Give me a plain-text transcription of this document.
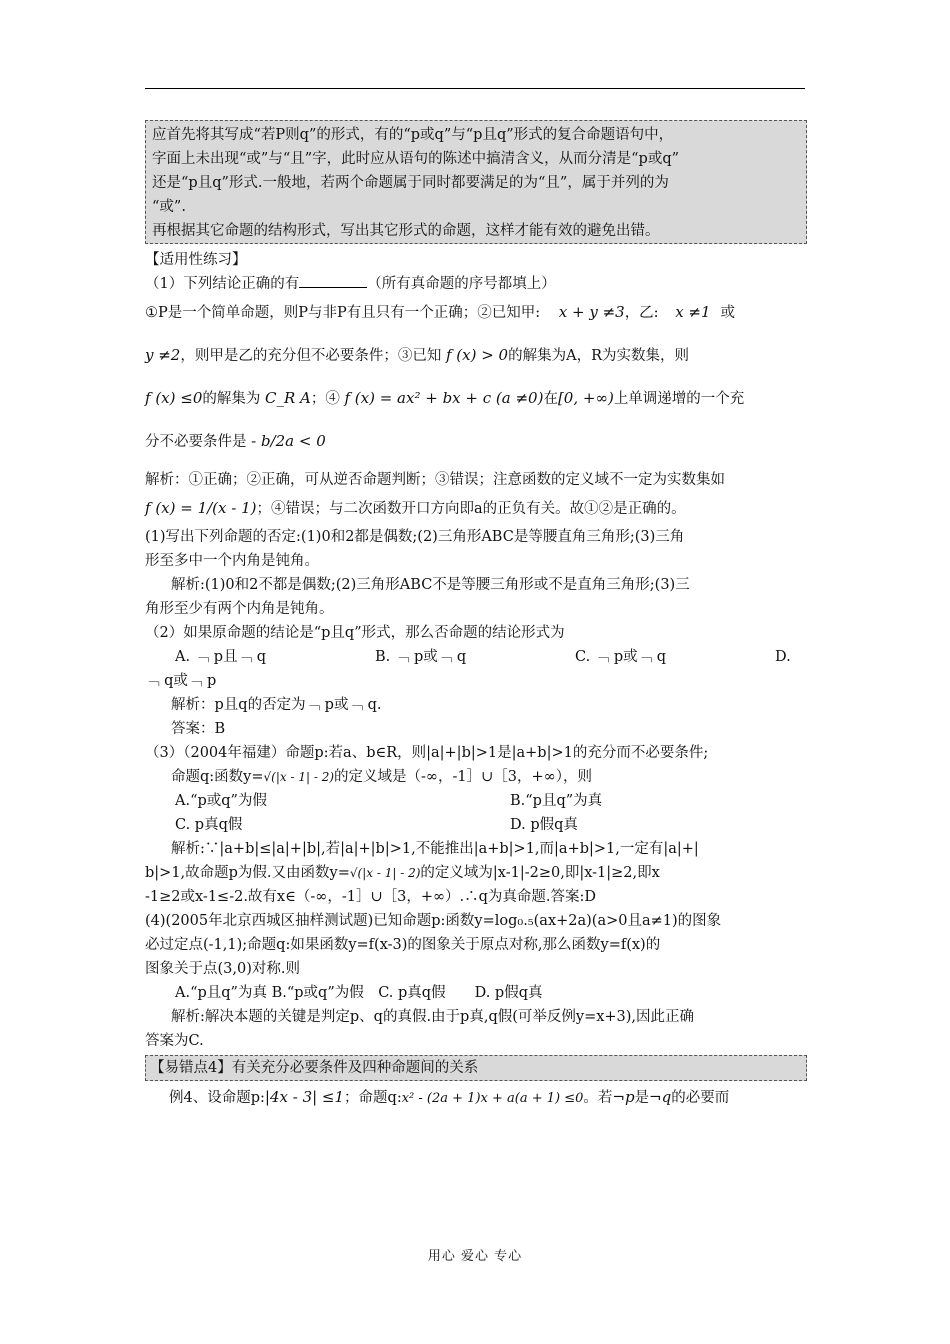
应首先将其写成“若P则q”的形式，有的“p或q”与“p且q”形式的复合命题语句中，

字面上未出现“或”与“且”字，此时应从语句的陈述中搞清含义，从而分清是“p或q”

还是“p且q”形式.一般地，若两个命题属于同时都要满足的为“且”，属于并列的为

“或”.

再根据其它命题的结构形式，写出其它形式的命题，这样才能有效的避免出错。

【适用性练习】

（1）下列结论正确的有	（所有真命题的序号都填上）

①P是一个简单命题，则P与非P有且只有一个正确；②已知甲: x + y ≠3，乙: x ≠1 或

y ≠2，则甲是乙的充分但不必要条件；③已知 f (x) > 0的解集为A，R为实数集，则

f (x) ≤0的解集为 C_R A；④ f (x) = ax² + bx + c (a ≠0)在[0, +∞)上单调递增的一个充

分不必要条件是 - b/2a < 0

解析：①正确；②正确，可从逆否命题判断；③错误；注意函数的定义域不一定为实数集如

f (x) = 1/(x - 1)；④错误；与二次函数开口方向即a的正负有关。故①②是正确的。

(1)写出下列命题的否定:(1)0和2都是偶数;(2)三角形ABC是等腰直角三角形;(3)三角

形至多中一个内角是钝角。

解析:(1)0和2不都是偶数;(2)三角形ABC不是等腰三角形或不是直角三角形;(3)三

角形至少有两个内角是钝角。

（2）如果原命题的结论是“p且q”形式，那么否命题的结论形式为

A. ﹁ p且﹁ q	B. ﹁ p或﹁ q	C. ﹁ p或﹁ q	D.

﹁ q或﹁ p

解析：p且q的否定为﹁ p或﹁ q.

答案：B

（3）（2004年福建）命题p:若a、b∈R，则|a|+|b|>1是|a+b|>1的充分而不必要条件;

命题q:函数y=√(|x - 1| - 2)的定义域是（-∞，-1］∪［3，+∞），则

A.“p或q”为假	B.“p且q”为真
C. p真q假	D. p假q真

解析:∵|a+b|≤|a|+|b|,若|a|+|b|>1,不能推出|a+b|>1,而|a+b|>1,一定有|a|+|

b|>1,故命题p为假.又由函数y=√(|x - 1| - 2)的定义域为|x-1|-2≥0,即|x-1|≥2,即x

-1≥2或x-1≤-2.故有x∈（-∞，-1］∪［3，+∞）.∴q为真命题.答案:D

(4)(2005年北京西城区抽样测试题)已知命题p:函数y=log₀.₅(ax+2a)(a>0且a≠1)的图象

必过定点(-1,1);命题q:如果函数y=f(x-3)的图象关于原点对称,那么函数y=f(x)的

图象关于点(3,0)对称.则

A.“p且q”为真 B.“p或q”为假　C. p真q假　　D. p假q真

解析:解决本题的关键是判定p、q的真假.由于p真,q假(可举反例y=x+3),因此正确

答案为C.

【易错点4】有关充分必要条件及四种命题间的关系

例4、设命题p:|4x - 3| ≤1；命题q:x² - (2a + 1)x + a(a + 1) ≤0。若¬p是¬q的必要而

用心 爱心 专心
